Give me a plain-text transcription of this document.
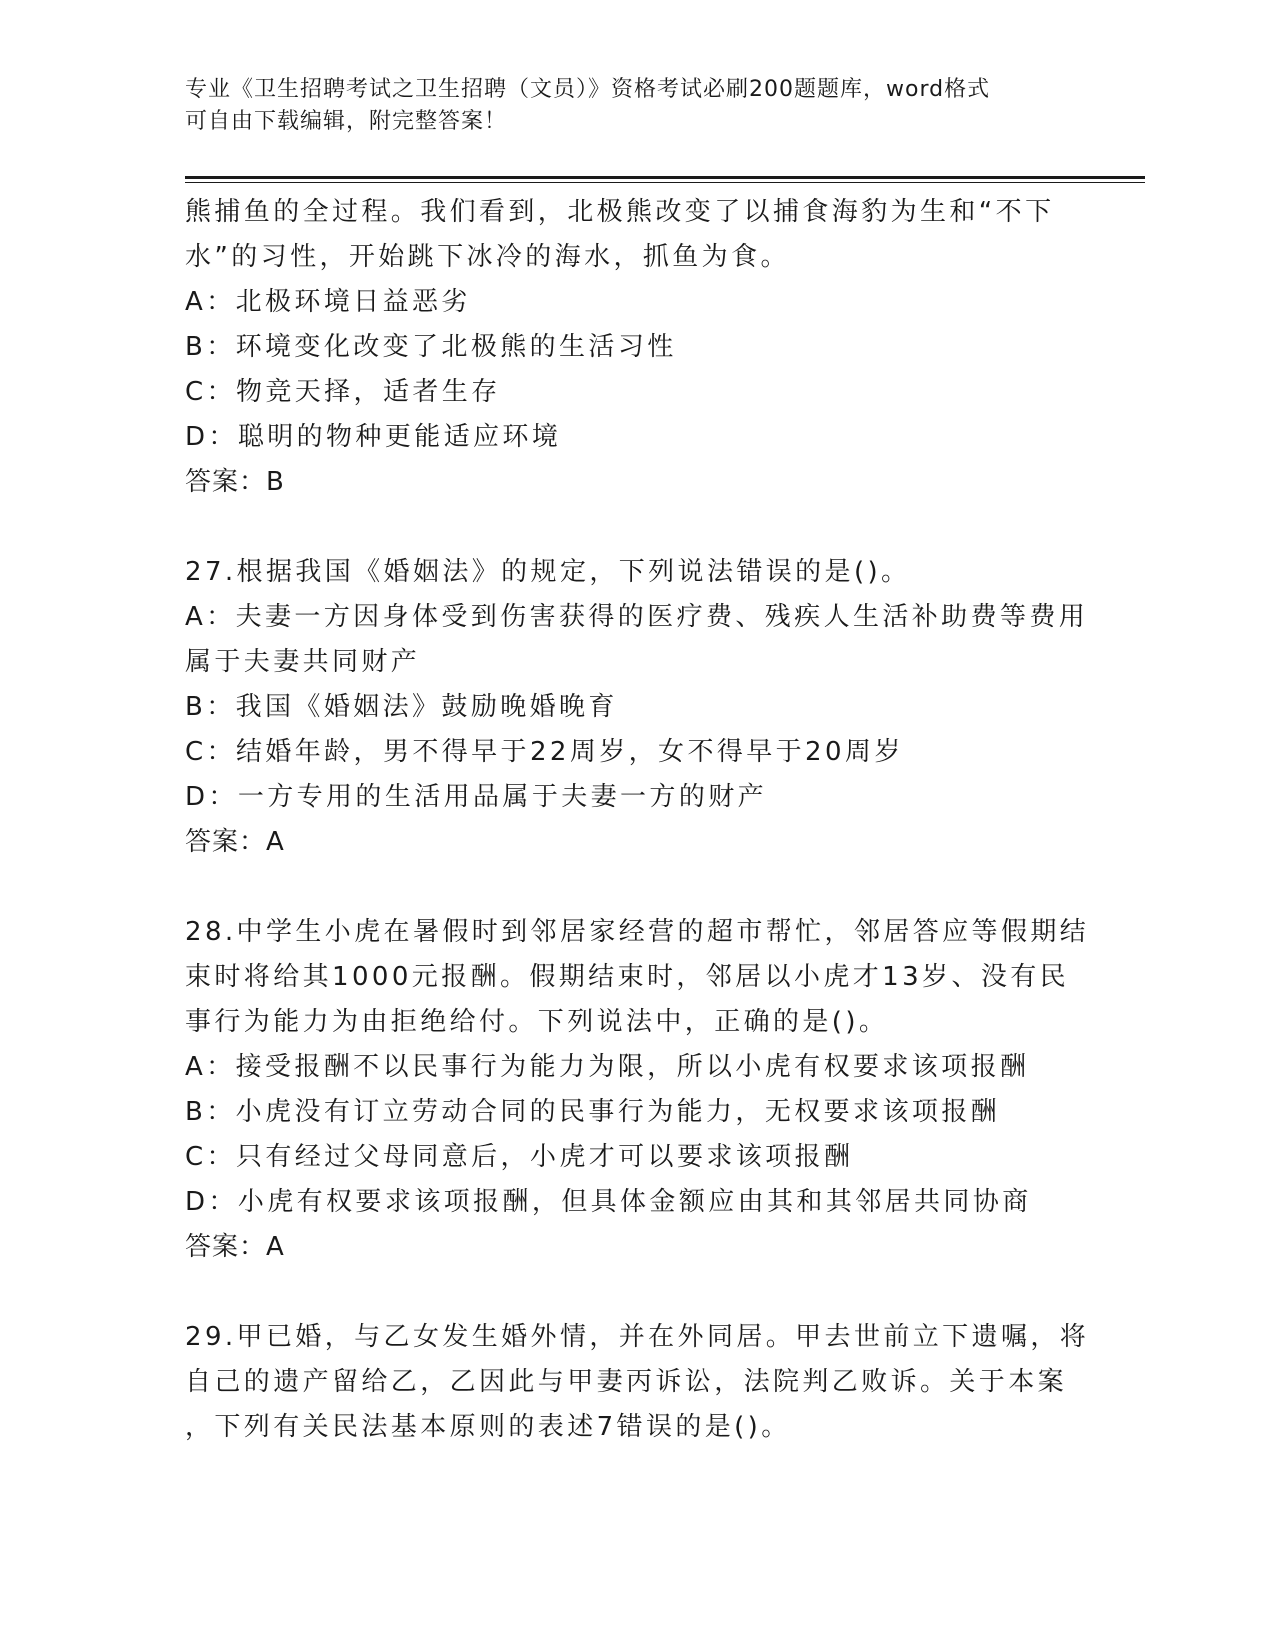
专业《卫生招聘考试之卫生招聘（文员）》资格考试必刷200题题库，word格式
可自由下载编辑，附完整答案！
熊捕鱼的全过程。我们看到，北极熊改变了以捕食海豹为生和“不下
水”的习性，开始跳下冰冷的海水，抓鱼为食。
A：北极环境日益恶劣
B：环境变化改变了北极熊的生活习性
C：物竞天择，适者生存
D：聪明的物种更能适应环境
答案：B
27.根据我国《婚姻法》的规定，下列说法错误的是()。
A：夫妻一方因身体受到伤害获得的医疗费、残疾人生活补助费等费用
属于夫妻共同财产
B：我国《婚姻法》鼓励晚婚晚育
C：结婚年龄，男不得早于22周岁，女不得早于20周岁
D：一方专用的生活用品属于夫妻一方的财产
答案：A
28.中学生小虎在暑假时到邻居家经营的超市帮忙，邻居答应等假期结
束时将给其1000元报酬。假期结束时，邻居以小虎才13岁、没有民
事行为能力为由拒绝给付。下列说法中，正确的是()。
A：接受报酬不以民事行为能力为限，所以小虎有权要求该项报酬
B：小虎没有订立劳动合同的民事行为能力，无权要求该项报酬
C：只有经过父母同意后，小虎才可以要求该项报酬
D：小虎有权要求该项报酬，但具体金额应由其和其邻居共同协商
答案：A
29.甲已婚，与乙女发生婚外情，并在外同居。甲去世前立下遗嘱，将
自己的遗产留给乙，乙因此与甲妻丙诉讼，法院判乙败诉。关于本案
，下列有关民法基本原则的表述7错误的是()。
